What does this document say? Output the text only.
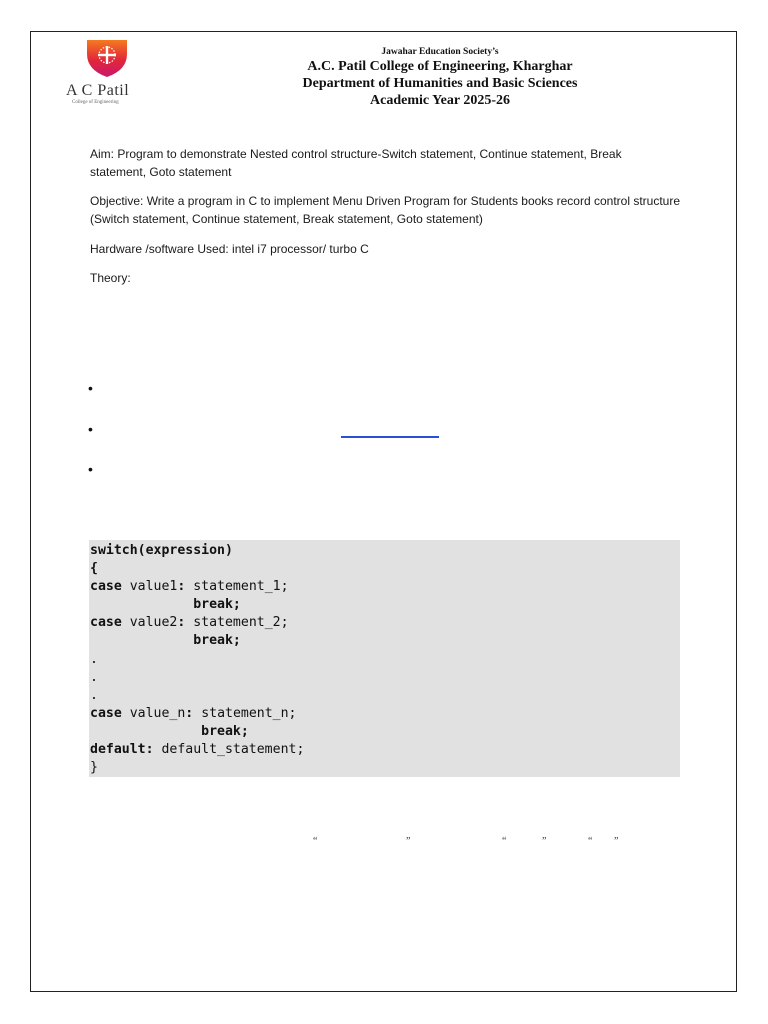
A C Patil
College of Engineering
Jawahar Education Society’s
A.C. Patil College of Engineering, Kharghar
Department of Humanities and Basic Sciences
Academic Year 2025-26
Aim: Program to demonstrate Nested control structure-Switch statement, Continue statement, Break statement, Goto statement
Objective: Write a program in C to implement Menu Driven Program for Students books record control structure (Switch statement, Continue statement, Break statement, Goto statement)
Hardware /software Used: intel i7 processor/ turbo C
Theory:
•
•
•
switch(expression)
{
case value1: statement_1;
break;
case value2: statement_2;
break;
.
.
.
case value_n: statement_n;
break;
default: default_statement;
}
“	”	“	”	“ ”
